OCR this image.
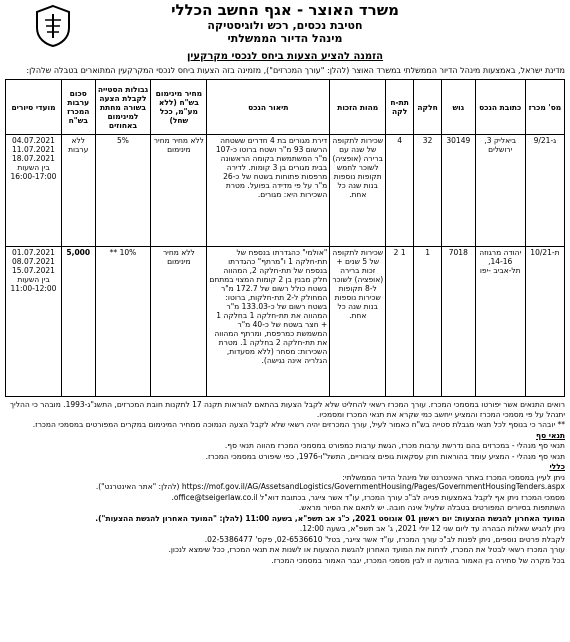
משרד האוצר - אגף החשב הכללי
חטיבת נכסים, רכש ולוגיסטיקה
מינהל הדיור הממשלתי
הזמנה להציע הצעות ביחס לנכסי מקרקעין
מדינת ישראל, באמצעות מינהל הדיור הממשלתי במשרד האוצר (להלן: "עורך המכרזים"), מזמינה בזה הצעות ביחס לנכסי המקרקעין המתוארים בטבלה שלהלן:
מס' מכרז	כתובת הנכס	גוש	חלקה	תת-חלקה	מהות הזכות	תיאור הנכס	מחיר מינימום בש"ח (ללא מע"מ, ככל שחל)	גבולות הסטייה לקבלת הצעה בשורה מחתת למינימום באחוזים	סכום ערבות המכרז בש"ח	מועדי סיורים
ג-9/21	ביאליק 3, ירושלים	30149	32	4	שכירות לתקופה של שנה עם ברירה (אופציה) לשוכר לחמש תקופות נוספות בנות שנה כל אחת.	דירת מגורים בת 4 חדרים ששטחה הרשום 93 מ"ר ושטח ברוטו כ-107 מ"ר המשתמשת בקומה הראשונה בבית מגורים בן 3 קומות. לדירה מרפסות פתוחות בשטח של כ-26 מ"ר על פי מדידה בפועל. מטרת השכירות היא: מגורים.	ללא מחיר מחיר מינימום	5%	ללא ערבות	04.07.2021 11.07.2021 18.07.2021 בין השעות 16:00-17:00
ת-10/21	יהודה מרגוזה 14-16, תל-אביב -יפו	7018	1	1 2	שכירות לתקופה של 5 שנים + זכות ברירה (אופציה) לשוכר ל-8 תקופות שכירות נוספות בנות שנה כל אחת.	"אולמי" כהגדרתו בנספח של תת-חלקה 1 ו"מרתף" כהגדרתו בנספח של תת-חלקה 2, המהווה חלק מבנין בן 2 קומות המצוי במתחם בשטח כולל רשום של 172.7 מ"ר המחולק ל-2 תת-חלקות, ברוטו: בשטח רשום של כ-133.03 מ"ר המהווה את תת-חלקה 1 בחלקה 1 + חצר בשטח של כ-40 מ"ר המשמשת כמרפסת, ומרתף המהווה את תת-חלקה 2 בחלקה 1. מטרת השכירות: מסחר (ללא מסעדות, הגלריה אינה נגישה).	ללא מחיר מינימום	10% **	5,000	01.07.2021 08.07.2021 15.07.2021 בין השעות 11:00-12:00

רואים התנאים אשר יפורטו במסמכי המכרז. עורך המכרז רשאי להחליט שלא לקבל הצעות בהתאם להוראות תקנה 17 לתקנות חובת המכרזים, התשנ"ג-1993. מובהר כי ההליך יתנהל על פי מסמכי המכרז והמציע ייחשב כמי שקרא את תנאי המכרז ומסמכיו.

** יובהר כי בנוסף לכל תנאי מגבלת סטייה בש"ח כאמור לעיל, עורך המכרזים יהיה רשאי שלא לקבל הצעה הנמוכה ממחיר המינימום במקרים המפורטים במסמכי המכרז.

תנאי סף

תנאי סף מנהלי - במכרזים בהם נדרשת ערבות מכרז, הגשת ערבות כמפורט במסמכי המכרז מהווה תנאי סף.

תנאי סף מנהלי - המציע עומד בהוראות חוק עסקאות גופים ציבוריים, התשל"ו-1976, כפי שיפורט במסמכי המכרז.

כללי

ניתן לעיין במסמכי המכרז באתר האינטרנט של מינהל הדיור הממשלתי: https://mof.gov.il/AG/AssetsandLogistics/GovernmentHousing/Pages/GovernmentHousingTenders.aspx (להלן: "אתר האינטרנט").

מסמכי המכרז ניתן אף לקבל באמצעות פנייה לב"כ עורך המכרז, עו"ד אשר צייגר, בכתובת דוא"ל office@tseigerlaw.co.il.

השתתפות בסיורים המפורטים בטבלה שלעיל אינה חובה. יש לתאם את הסיור מראש.

המועד האחרון להגשת ההצעות: יום ראשון 01 אוגוסט 2021, כ"ג אב תשפ"א, בשעה 11:00 (להלן: "המועד האחרון להגשת ההצעות").

ניתן להגיש שאלות הבהרה עד ליום שני 12 יולי 2021, ג' אב תשפ"א, בשעה 12:00.

לקבלת פרטים נוספים, ניתן לפנות לב"כ עורך המכרז, עו"ד אשר צייגר, בטל' 02-6536610, פקס' 02-5386477.

עורך המכרז רשאי לבטל את המכרז, לדחות את המועד האחרון להגשת ההצעות או לשנות את תנאי המכרז, ככל שימצא לנכון.

בכל מקרה של סתירה בין האמור בהודעה זו לבין מסמכי המכרז, יגבר האמור במסמכי המכרז.
